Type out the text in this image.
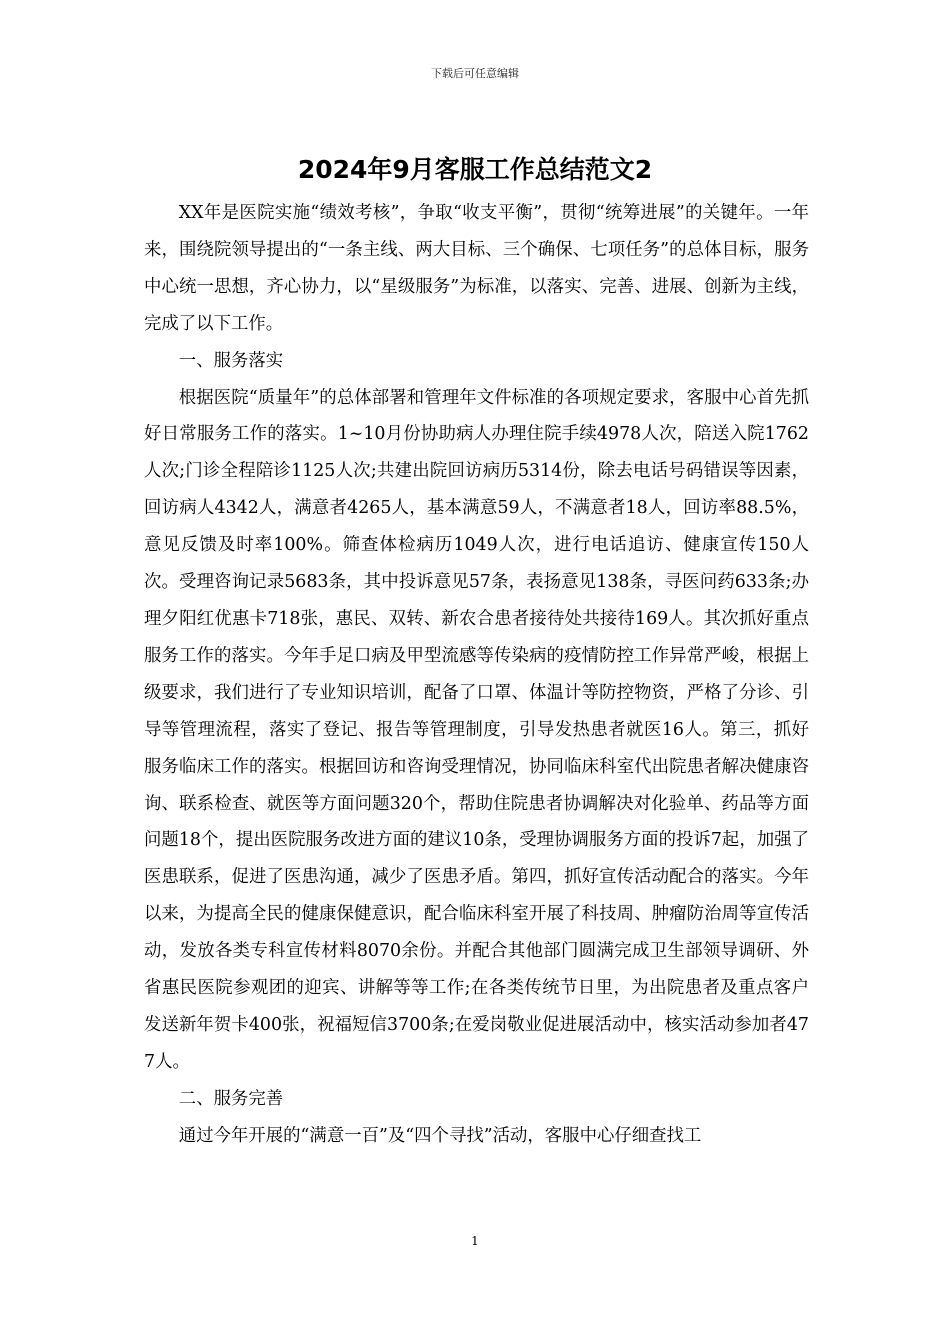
下载后可任意编辑
2024年9月客服工作总结范文2

XX年是医院实施“绩效考核”，争取“收支平衡”，贯彻“统筹进展”的关键年。一年来，围绕院领导提出的“一条主线、两大目标、三个确保、七项任务”的总体目标，服务中心统一思想，齐心协力，以“星级服务”为标准，以落实、完善、进展、创新为主线，完成了以下工作。

一、服务落实

根据医院“质量年”的总体部署和管理年文件标准的各项规定要求，客服中心首先抓好日常服务工作的落实。1~10月份协助病人办理住院手续4978人次，陪送入院1762人次;门诊全程陪诊1125人次;共建出院回访病历5314份，除去电话号码错误等因素，回访病人4342人，满意者4265人，基本满意59人，不满意者18人，回访率88.5%，意见反馈及时率100%。筛查体检病历1049人次，进行电话追访、健康宣传150人次。受理咨询记录5683条，其中投诉意见57条，表扬意见138条，寻医问药633条;办理夕阳红优惠卡718张，惠民、双转、新农合患者接待处共接待169人。其次抓好重点服务工作的落实。今年手足口病及甲型流感等传染病的疫情防控工作异常严峻，根据上级要求，我们进行了专业知识培训，配备了口罩、体温计等防控物资，严格了分诊、引导等管理流程，落实了登记、报告等管理制度，引导发热患者就医16人。第三，抓好服务临床工作的落实。根据回访和咨询受理情况，协同临床科室代出院患者解决健康咨询、联系检查、就医等方面问题320个，帮助住院患者协调解决对化验单、药品等方面问题18个，提出医院服务改进方面的建议10条，受理协调服务方面的投诉7起，加强了医患联系，促进了医患沟通，减少了医患矛盾。第四，抓好宣传活动配合的落实。今年以来，为提高全民的健康保健意识，配合临床科室开展了科技周、肿瘤防治周等宣传活动，发放各类专科宣传材料8070余份。并配合其他部门圆满完成卫生部领导调研、外省惠民医院参观团的迎宾、讲解等等工作;在各类传统节日里，为出院患者及重点客户发送新年贺卡400张，祝福短信3700条;在爱岗敬业促进展活动中，核实活动参加者477人。

二、服务完善

通过今年开展的“满意一百”及“四个寻找”活动，客服中心仔细查找工

1
